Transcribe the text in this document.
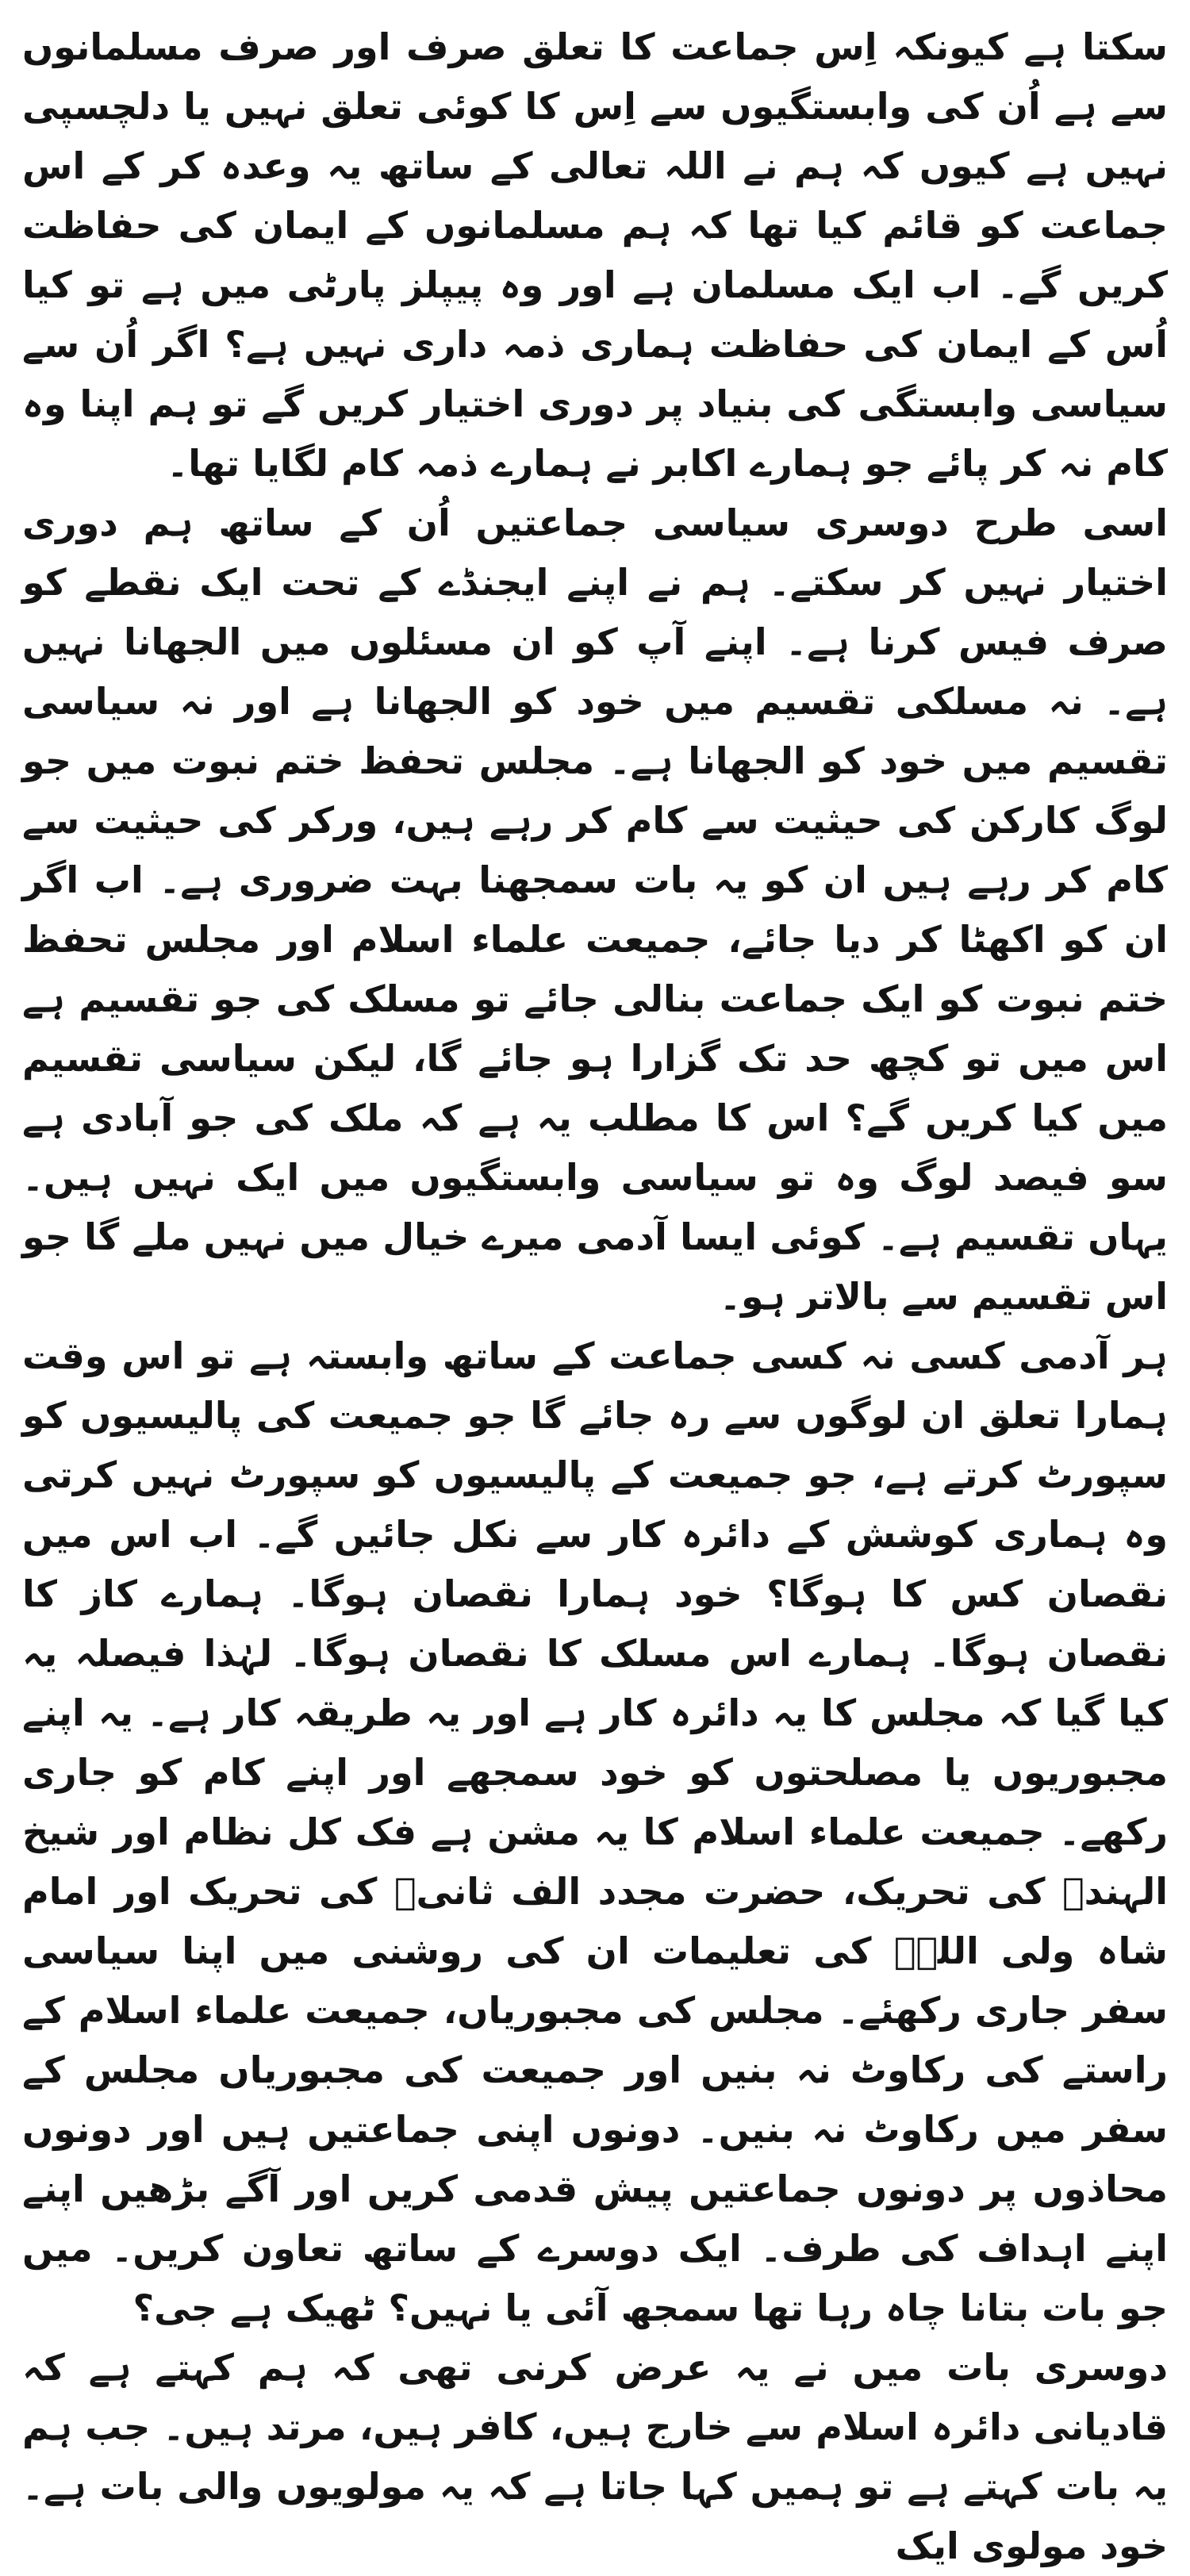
سکتا ہے کیونکہ اِس جماعت کا تعلق صرف اور صرف مسلمانوں سے ہے اُن کی وابستگیوں سے اِس کا کوئی تعلق نہیں یا دلچسپی نہیں ہے کیوں کہ ہم نے اللہ تعالی کے ساتھ یہ وعدہ کر کے اس جماعت کو قائم کیا تھا کہ ہم مسلمانوں کے ایمان کی حفاظت کریں گے۔ اب ایک مسلمان ہے اور وہ پیپلز پارٹی میں ہے تو کیا اُس کے ایمان کی حفاظت ہماری ذمہ داری نہیں ہے؟ اگر اُن سے سیاسی وابستگی کی بنیاد پر دوری اختیار کریں گے تو ہم اپنا وہ کام نہ کر پائے جو ہمارے اکابر نے ہمارے ذمہ کام لگایا تھا۔

اسی طرح دوسری سیاسی جماعتیں اُن کے ساتھ ہم دوری اختیار نہیں کر سکتے۔ ہم نے اپنے ایجنڈے کے تحت ایک نقطے کو صرف فیس کرنا ہے۔ اپنے آپ کو ان مسئلوں میں الجھانا نہیں ہے۔ نہ مسلکی تقسیم میں خود کو الجھانا ہے اور نہ سیاسی تقسیم میں خود کو الجھانا ہے۔ مجلس تحفظ ختم نبوت میں جو لوگ کارکن کی حیثیت سے کام کر رہے ہیں، ورکر کی حیثیت سے کام کر رہے ہیں ان کو یہ بات سمجھنا بہت ضروری ہے۔ اب اگر ان کو اکھٹا کر دیا جائے، جمیعت علماء اسلام اور مجلس تحفظ ختم نبوت کو ایک جماعت بنالی جائے تو مسلک کی جو تقسیم ہے اس میں تو کچھ حد تک گزارا ہو جائے گا، لیکن سیاسی تقسیم میں کیا کریں گے؟ اس کا مطلب یہ ہے کہ ملک کی جو آبادی ہے سو فیصد لوگ وہ تو سیاسی وابستگیوں میں ایک نہیں ہیں۔ یہاں تقسیم ہے۔ کوئی ایسا آدمی میرے خیال میں نہیں ملے گا جو اس تقسیم سے بالاتر ہو۔

ہر آدمی کسی نہ کسی جماعت کے ساتھ وابستہ ہے تو اس وقت ہمارا تعلق ان لوگوں سے رہ جائے گا جو جمیعت کی پالیسیوں کو سپورٹ کرتے ہے، جو جمیعت کے پالیسیوں کو سپورٹ نہیں کرتی وہ ہماری کوشش کے دائرہ کار سے نکل جائیں گے۔ اب اس میں نقصان کس کا ہوگا؟ خود ہمارا نقصان ہوگا۔ ہمارے کاز کا نقصان ہوگا۔ ہمارے اس مسلک کا نقصان ہوگا۔ لہٰذا فیصلہ یہ کیا گیا کہ مجلس کا یہ دائرہ کار ہے اور یہ طریقہ کار ہے۔ یہ اپنے مجبوریوں یا مصلحتوں کو خود سمجھے اور اپنے کام کو جاری رکھے۔ جمیعت علماء اسلام کا یہ مشن ہے فک کل نظام اور شیخ الہندؒ کی تحریک، حضرت مجدد الف ثانیؒ کی تحریک اور امام شاہ ولی اللہؒ کی تعلیمات ان کی روشنی میں اپنا سیاسی سفر جاری رکھئے۔ مجلس کی مجبوریاں، جمیعت علماء اسلام کے راستے کی رکاوٹ نہ بنیں اور جمیعت کی مجبوریاں مجلس کے سفر میں رکاوٹ نہ بنیں۔ دونوں اپنی جماعتیں ہیں اور دونوں محاذوں پر دونوں جماعتیں پیش قدمی کریں اور آگے بڑھیں اپنے اپنے اہداف کی طرف۔ ایک دوسرے کے ساتھ تعاون کریں۔ میں جو بات بتانا چاہ رہا تھا سمجھ آئی یا نہیں؟ ٹھیک ہے جی؟

دوسری بات میں نے یہ عرض کرنی تھی کہ ہم کہتے ہے کہ قادیانی دائرہ اسلام سے خارج ہیں، کافر ہیں، مرتد ہیں۔ جب ہم یہ بات کہتے ہے تو ہمیں کہا جاتا ہے کہ یہ مولویوں والی بات ہے۔ خود مولوی ایک
